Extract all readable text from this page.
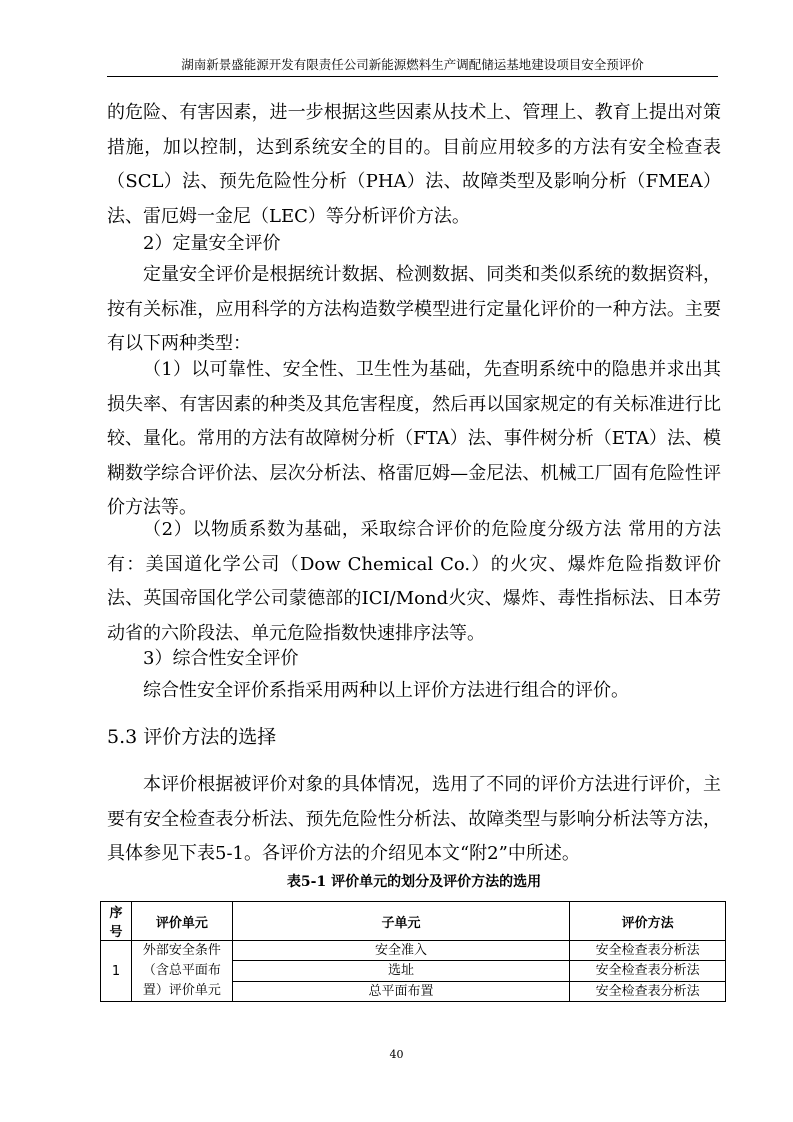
湖南新景盛能源开发有限责任公司新能源燃料生产调配储运基地建设项目安全预评价

的危险、有害因素，进一步根据这些因素从技术上、管理上、教育上提出对策措施，加以控制，达到系统安全的目的。目前应用较多的方法有安全检查表（SCL）法、预先危险性分析（PHA）法、故障类型及影响分析（FMEA）法、雷厄姆一金尼（LEC）等分析评价方法。

2）定量安全评价

定量安全评价是根据统计数据、检测数据、同类和类似系统的数据资料，按有关标准，应用科学的方法构造数学模型进行定量化评价的一种方法。主要有以下两种类型：

（1）以可靠性、安全性、卫生性为基础，先查明系统中的隐患并求出其损失率、有害因素的种类及其危害程度，然后再以国家规定的有关标准进行比较、量化。常用的方法有故障树分析（FTA）法、事件树分析（ETA）法、模糊数学综合评价法、层次分析法、格雷厄姆—金尼法、机械工厂固有危险性评价方法等。

（2）以物质系数为基础，采取综合评价的危险度分级方法 常用的方法有：美国道化学公司（Dow Chemical Co.）的火灾、爆炸危险指数评价法、英国帝国化学公司蒙德部的ICI/Mond火灾、爆炸、毒性指标法、日本劳动省的六阶段法、单元危险指数快速排序法等。

3）综合性安全评价

综合性安全评价系指采用两种以上评价方法进行组合的评价。

5.3 评价方法的选择

本评价根据被评价对象的具体情况，选用了不同的评价方法进行评价，主要有安全检查表分析法、预先危险性分析法、故障类型与影响分析法等方法，具体参见下表5-1。各评价方法的介绍见本文“附2”中所述。

表5-1 评价单元的划分及评价方法的选用

序
号	评价单元	子单元	评价方法
1	外部安全条件
（含总平面布
置）评价单元	安全准入	安全检查表分析法
		选址	安全检查表分析法
		总平面布置	安全检查表分析法
40
